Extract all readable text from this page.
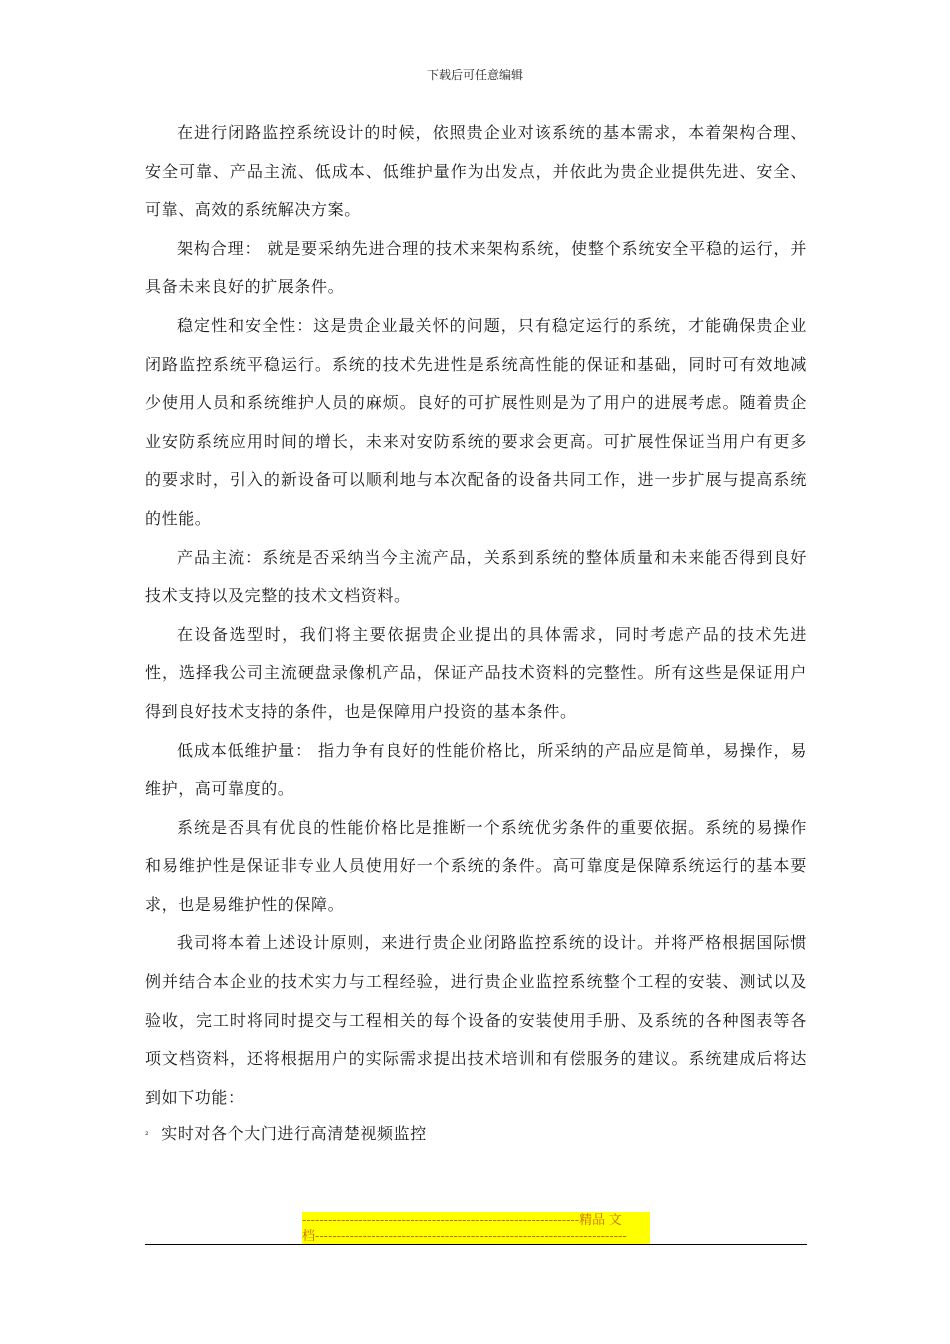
下载后可任意编辑

在进行闭路监控系统设计的时候，依照贵企业对该系统的基本需求，本着架构合理、安全可靠、产品主流、低成本、低维护量作为出发点，并依此为贵企业提供先进、安全、可靠、高效的系统解决方案。

架构合理： 就是要采纳先进合理的技术来架构系统，使整个系统安全平稳的运行，并具备未来良好的扩展条件。

稳定性和安全性：这是贵企业最关怀的问题，只有稳定运行的系统，才能确保贵企业闭路监控系统平稳运行。系统的技术先进性是系统高性能的保证和基础，同时可有效地减少使用人员和系统维护人员的麻烦。良好的可扩展性则是为了用户的进展考虑。随着贵企业安防系统应用时间的增长，未来对安防系统的要求会更高。可扩展性保证当用户有更多的要求时，引入的新设备可以顺利地与本次配备的设备共同工作，进一步扩展与提高系统的性能。

产品主流：系统是否采纳当今主流产品，关系到系统的整体质量和未来能否得到良好技术支持以及完整的技术文档资料。

在设备选型时，我们将主要依据贵企业提出的具体需求，同时考虑产品的技术先进性，选择我公司主流硬盘录像机产品，保证产品技术资料的完整性。所有这些是保证用户得到良好技术支持的条件，也是保障用户投资的基本条件。

低成本低维护量： 指力争有良好的性能价格比，所采纳的产品应是简单，易操作，易维护，高可靠度的。

系统是否具有优良的性能价格比是推断一个系统优劣条件的重要依据。系统的易操作和易维护性是保证非专业人员使用好一个系统的条件。高可靠度是保障系统运行的基本要求，也是易维护性的保障。

我司将本着上述设计原则，来进行贵企业闭路监控系统的设计。并将严格根据国际惯例并结合本企业的技术实力与工程经验，进行贵企业监控系统整个工程的安装、测试以及验收，完工时将同时提交与工程相关的每个设备的安装使用手册、及系统的各种图表等各项文档资料，还将根据用户的实际需求提出技术培训和有偿服务的建议。系统建成后将达到如下功能：

$^{^2}$ 实时对各个大门进行高清楚视频监控

----------------------------------------------------------------精品 文
档------------------------------------------------------------------------
